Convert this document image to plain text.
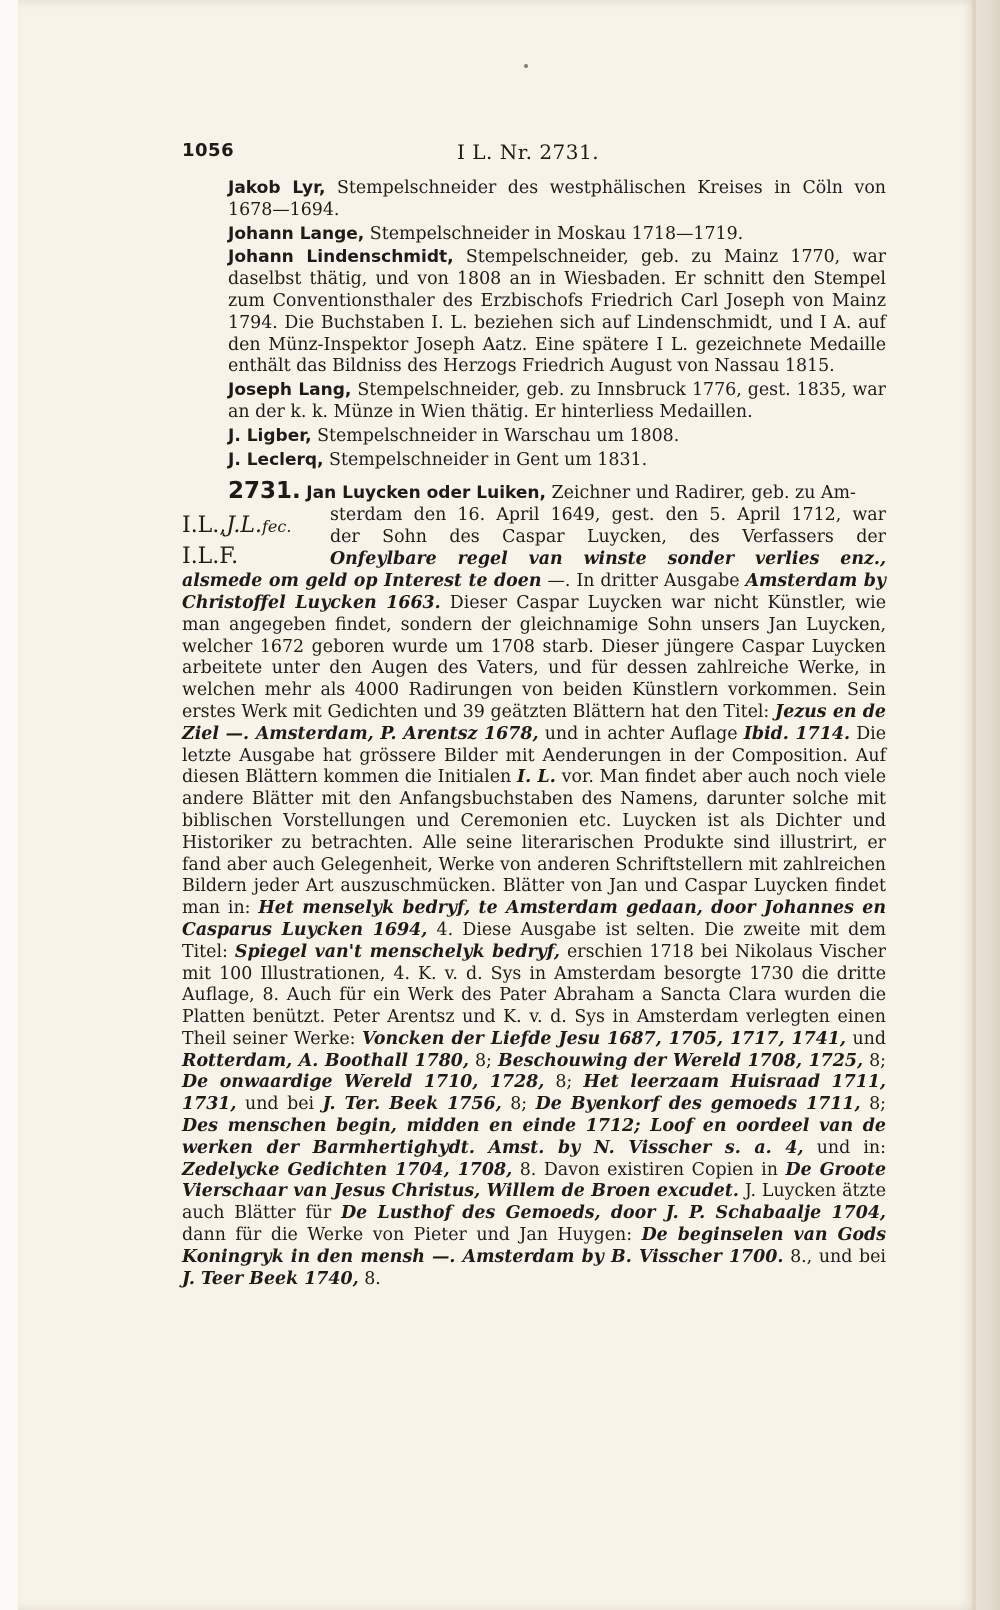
1056	I L. Nr. 2731.

Jakob Lyr, Stempelschneider des westphälischen Kreises in Cöln von 1678—1694.

Johann Lange, Stempelschneider in Moskau 1718—1719.

Johann Lindenschmidt, Stempelschneider, geb. zu Mainz 1770, war daselbst thätig, und von 1808 an in Wiesbaden. Er schnitt den Stempel zum Conventionsthaler des Erzbischofs Friedrich Carl Joseph von Mainz 1794. Die Buchstaben I. L. beziehen sich auf Lindenschmidt, und I A. auf den Münz-Inspektor Joseph Aatz. Eine spätere I L. gezeichnete Medaille enthält das Bildniss des Herzogs Friedrich August von Nassau 1815.

Joseph Lang, Stempelschneider, geb. zu Innsbruck 1776, gest. 1835, war an der k. k. Münze in Wien thätig. Er hinterliess Medaillen.

J. Ligber, Stempelschneider in Warschau um 1808.

J. Leclerq, Stempelschneider in Gent um 1831.

2731. Jan Luycken oder Luiken, Zeichner und Radirer, geb. zu Am-

I.L.,J.L.fec.
I.L.F.

sterdam den 16. April 1649, gest. den 5. April 1712, war

der Sohn des Caspar Luycken, des Verfassers der

Onfeylbare regel van winste sonder verlies enz.,

alsmede om geld op Interest te doen —. In dritter Ausgabe Amsterdam by Christoffel Luycken 1663. Dieser Caspar Luycken war nicht Künstler, wie man angegeben findet, sondern der gleichnamige Sohn unsers Jan Luycken, welcher 1672 geboren wurde um 1708 starb. Dieser jüngere Caspar Luycken arbeitete unter den Augen des Vaters, und für dessen zahlreiche Werke, in welchen mehr als 4000 Radirungen von beiden Künstlern vorkommen. Sein erstes Werk mit Gedichten und 39 geätzten Blättern hat den Titel: Jezus en de Ziel —. Amsterdam, P. Arentsz 1678, und in achter Auflage Ibid. 1714. Die letzte Ausgabe hat grössere Bilder mit Aenderungen in der Composition. Auf diesen Blättern kommen die Initialen I. L. vor. Man findet aber auch noch viele andere Blätter mit den Anfangsbuchstaben des Namens, darunter solche mit biblischen Vorstellungen und Ceremonien etc. Luycken ist als Dichter und Historiker zu betrachten. Alle seine literarischen Produkte sind illustrirt, er fand aber auch Gelegenheit, Werke von anderen Schriftstellern mit zahlreichen Bildern jeder Art auszuschmücken. Blätter von Jan und Caspar Luycken findet man in: Het menselyk bedryf, te Amsterdam gedaan, door Johannes en Casparus Luycken 1694, 4. Diese Ausgabe ist selten. Die zweite mit dem Titel: Spiegel van't menschelyk bedryf, erschien 1718 bei Nikolaus Vischer mit 100 Illustrationen, 4. K. v. d. Sys in Amsterdam besorgte 1730 die dritte Auflage, 8. Auch für ein Werk des Pater Abraham a Sancta Clara wurden die Platten benützt. Peter Arentsz und K. v. d. Sys in Amsterdam verlegten einen Theil seiner Werke: Voncken der Liefde Jesu 1687, 1705, 1717, 1741, und Rotterdam, A. Boothall 1780, 8; Beschouwing der Wereld 1708, 1725, 8; De onwaardige Wereld 1710, 1728, 8; Het leerzaam Huisraad 1711, 1731, und bei J. Ter. Beek 1756, 8; De Byenkorf des gemoeds 1711, 8; Des menschen begin, midden en einde 1712; Loof en oordeel van de werken der Barmhertighydt. Amst. by N. Visscher s. a. 4, und in: Zedelycke Gedichten 1704, 1708, 8. Davon existiren Copien in De Groote Vierschaar van Jesus Christus, Willem de Broen excudet. J. Luycken ätzte auch Blätter für De Lusthof des Gemoeds, door J. P. Schabaalje 1704, dann für die Werke von Pieter und Jan Huygen: De beginselen van Gods Koningryk in den mensh —. Amsterdam by B. Visscher 1700. 8., und bei J. Teer Beek 1740, 8.
